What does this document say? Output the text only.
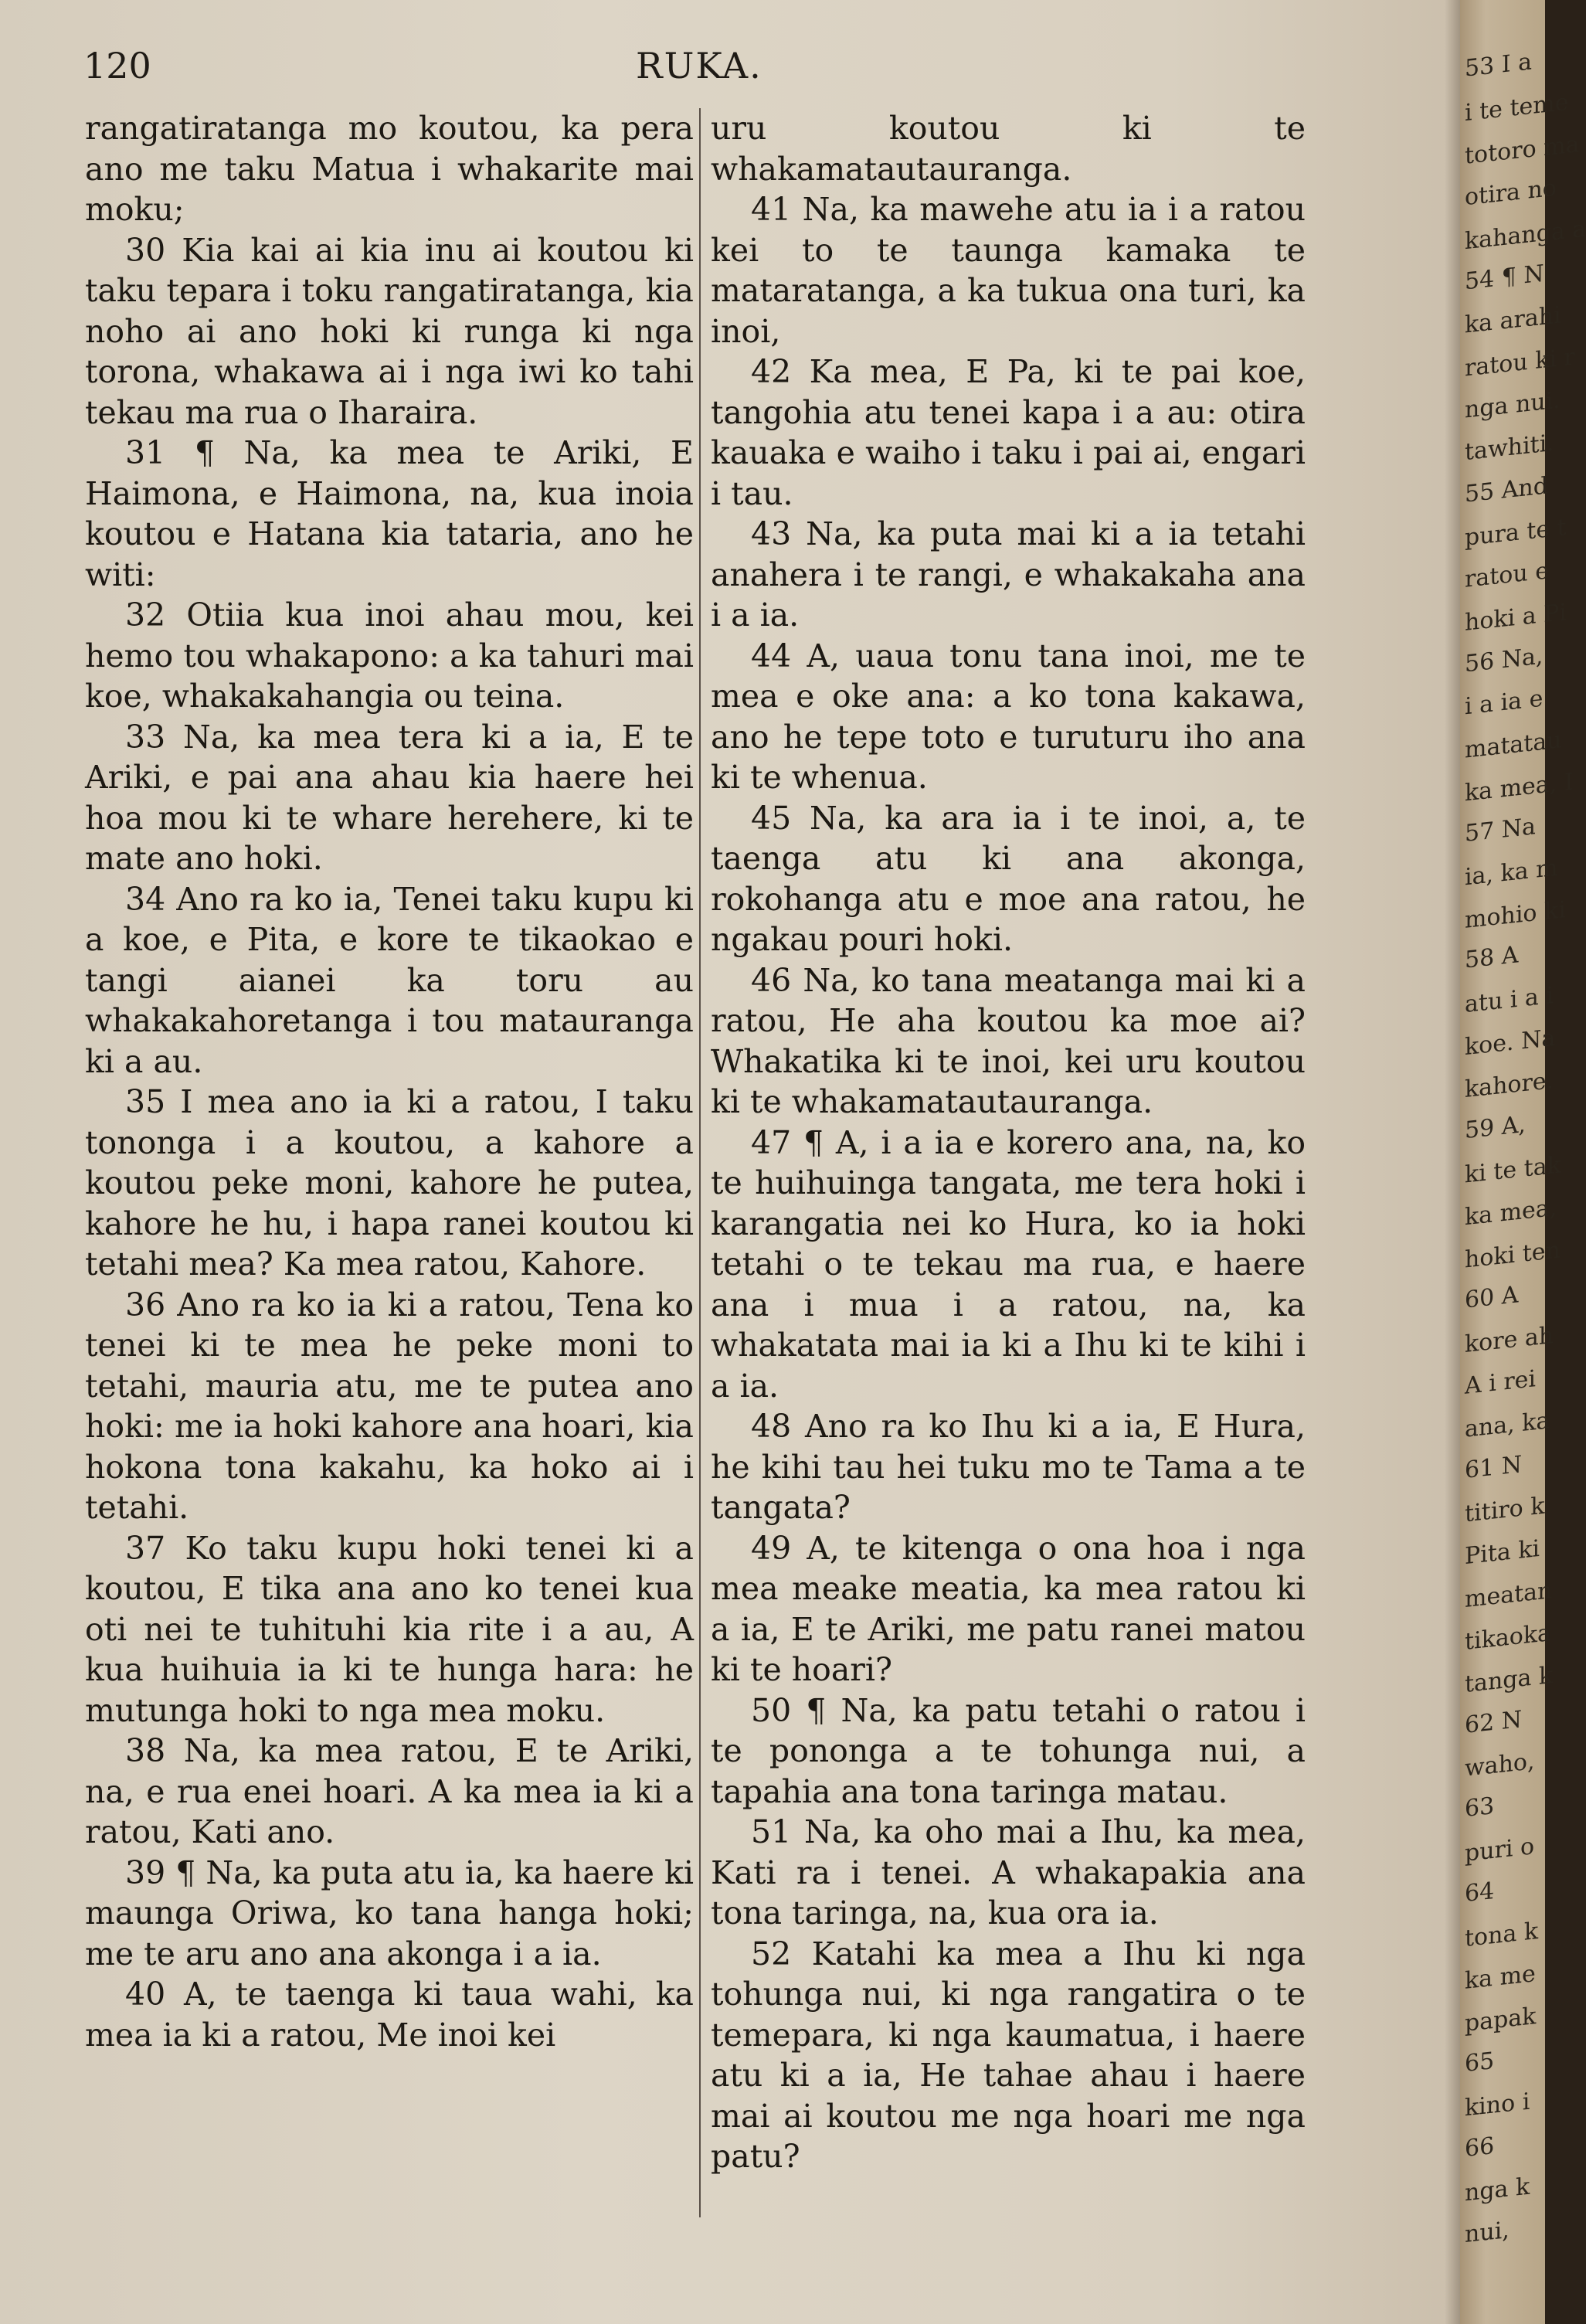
120	RUKA.

rangatiratanga mo koutou, ka pera ano me taku Matua i whakarite mai moku;

30 Kia kai ai kia inu ai koutou ki taku tepara i toku rangatiratanga, kia noho ai ano hoki ki runga ki nga torona, whakawa ai i nga iwi ko tahi tekau ma rua o Iharaira.

31 ¶ Na, ka mea te Ariki, E Haimona, e Haimona, na, kua inoia koutou e Hatana kia tataria, ano he witi:

32 Otiia kua inoi ahau mou, kei hemo tou whakapono: a ka tahuri mai koe, whakakahangia ou teina.

33 Na, ka mea tera ki a ia, E te Ariki, e pai ana ahau kia haere hei hoa mou ki te whare herehere, ki te mate ano hoki.

34 Ano ra ko ia, Tenei taku kupu ki a koe, e Pita, e kore te tikaokao e tangi aianei ka toru au whakakahoretanga i tou matauranga ki a au.

35 I mea ano ia ki a ratou, I taku tononga i a koutou, a kahore a koutou peke moni, kahore he putea, kahore he hu, i hapa ranei koutou ki tetahi mea? Ka mea ratou, Kahore.

36 Ano ra ko ia ki a ratou, Tena ko tenei ki te mea he peke moni to tetahi, mauria atu, me te putea ano hoki: me ia hoki kahore ana hoari, kia hokona tona kakahu, ka hoko ai i tetahi.

37 Ko taku kupu hoki tenei ki a koutou, E tika ana ano ko tenei kua oti nei te tuhituhi kia rite i a au, A kua huihuia ia ki te hunga hara: he mutunga hoki to nga mea moku.

38 Na, ka mea ratou, E te Ariki, na, e rua enei hoari. A ka mea ia ki a ratou, Kati ano.

39 ¶ Na, ka puta atu ia, ka haere ki maunga Oriwa, ko tana hanga hoki; me te aru ano ana akonga i a ia.

40 A, te taenga ki taua wahi, ka mea ia ki a ratou, Me inoi kei

uru koutou ki te whakamatautauranga.

41 Na, ka mawehe atu ia i a ratou kei to te taunga kamaka te mataratanga, a ka tukua ona turi, ka inoi,

42 Ka mea, E Pa, ki te pai koe, tangohia atu tenei kapa i a au: otira kauaka e waiho i taku i pai ai, engari i tau.

43 Na, ka puta mai ki a ia tetahi anahera i te rangi, e whakakaha ana i a ia.

44 A, uaua tonu tana inoi, me te mea e oke ana: a ko tona kakawa, ano he tepe toto e turuturu iho ana ki te whenua.

45 Na, ka ara ia i te inoi, a, te taenga atu ki ana akonga, rokohanga atu e moe ana ratou, he ngakau pouri hoki.

46 Na, ko tana meatanga mai ki a ratou, He aha koutou ka moe ai? Whakatika ki te inoi, kei uru koutou ki te whakamatautauranga.

47 ¶ A, i a ia e korero ana, na, ko te huihuinga tangata, me tera hoki i karangatia nei ko Hura, ko ia hoki tetahi o te tekau ma rua, e haere ana i mua i a ratou, na, ka whakatata mai ia ki a Ihu ki te kihi i a ia.

48 Ano ra ko Ihu ki a ia, E Hura, he kihi tau hei tuku mo te Tama a te tangata?

49 A, te kitenga o ona hoa i nga mea meake meatia, ka mea ratou ki a ia, E te Ariki, me patu ranei matou ki te hoari?

50 ¶ Na, ka patu tetahi o ratou i te pononga a te tohunga nui, a tapahia ana tona taringa matau.

51 Na, ka oho mai a Ihu, ka mea, Kati ra i tenei. A whakapakia ana tona taringa, na, kua ora ia.

52 Katahi ka mea a Ihu ki nga tohunga nui, ki nga rangatira o te temepara, ki nga kaumatua, i haere atu ki a ia, He tahae ahau i haere mai ai koutou me nga hoari me nga patu?

53 I a
i te teme
totoro ma
otira no
kahanga a
54 ¶ N
ka arahi
ratou ki r
nga nui.
tawhiti.
55 And
pura te t
ratou e
hoki a Pi
56 Na,
i a ia e
matatau
ka mea, I
57 Na
ia, ka m
mohio ki
58 A
atu i a i
koe. Na
kahore.
59 A,
ki te tak
ka mea,
hoki ten
60 A
kore ah
A i rei
ana, ka
61 N
titiro k
Pita ki
meatan
tikaoka
tanga k
62 N
waho,
63
puri o
64
tona k
ka me
papak
65
kino i
66
nga k
nui,
